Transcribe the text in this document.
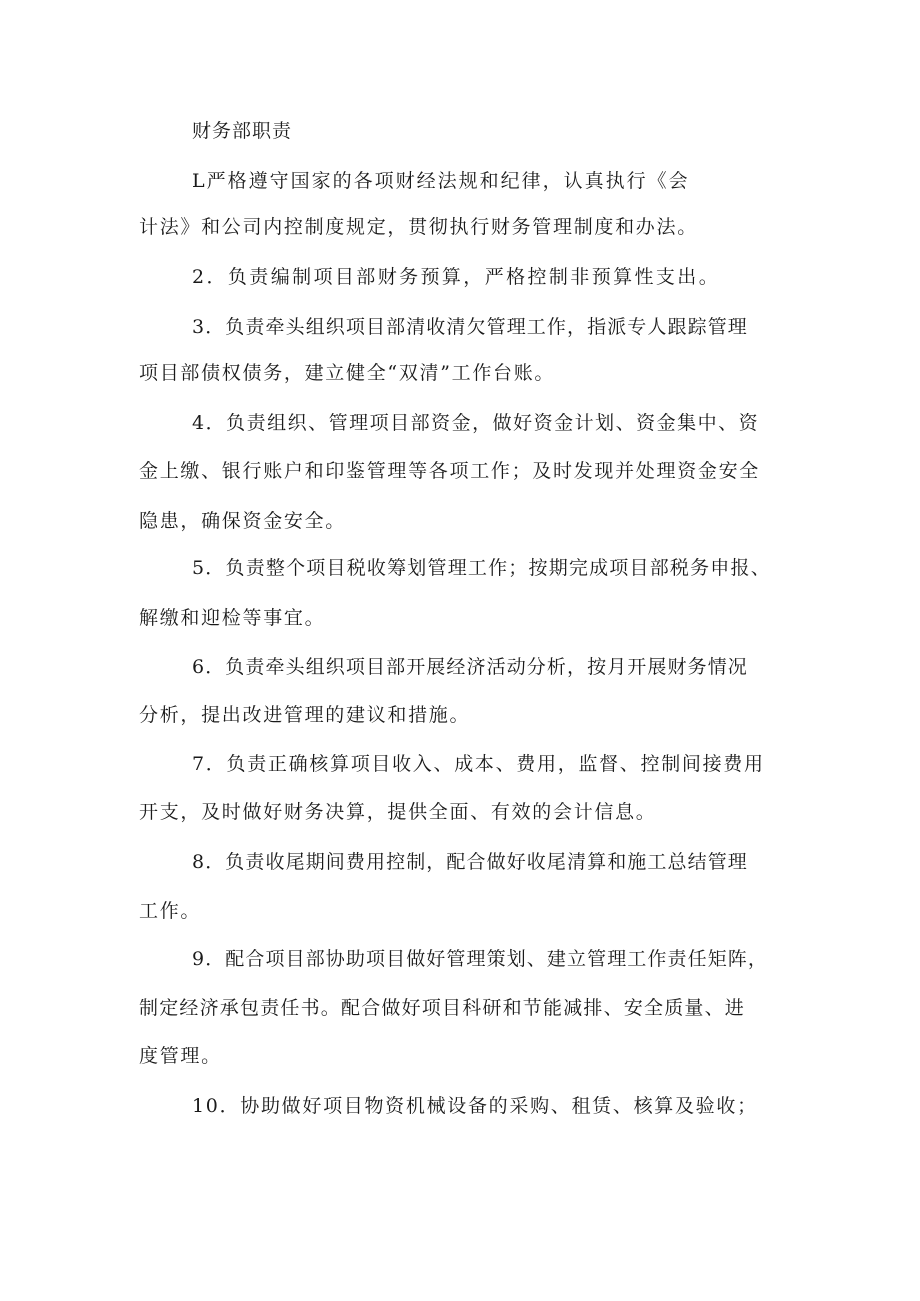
财务部职责
L严格遵守国家的各项财经法规和纪律，认真执行《会
计法》和公司内控制度规定，贯彻执行财务管理制度和办法。
2．负责编制项目部财务预算，严格控制非预算性支出。
3．负责牵头组织项目部清收清欠管理工作，指派专人跟踪管理
项目部债权债务，建立健全“双清”工作台账。
4．负责组织、管理项目部资金，做好资金计划、资金集中、资
金上缴、银行账户和印鉴管理等各项工作；及时发现并处理资金安全
隐患，确保资金安全。
5．负责整个项目税收筹划管理工作；按期完成项目部税务申报、
解缴和迎检等事宜。
6．负责牵头组织项目部开展经济活动分析，按月开展财务情况
分析，提出改进管理的建议和措施。
7．负责正确核算项目收入、成本、费用，监督、控制间接费用
开支，及时做好财务决算，提供全面、有效的会计信息。
8．负责收尾期间费用控制，配合做好收尾清算和施工总结管理
工作。
9．配合项目部协助项目做好管理策划、建立管理工作责任矩阵，
制定经济承包责任书。配合做好项目科研和节能减排、安全质量、进
度管理。
10．协助做好项目物资机械设备的采购、租赁、核算及验收；
